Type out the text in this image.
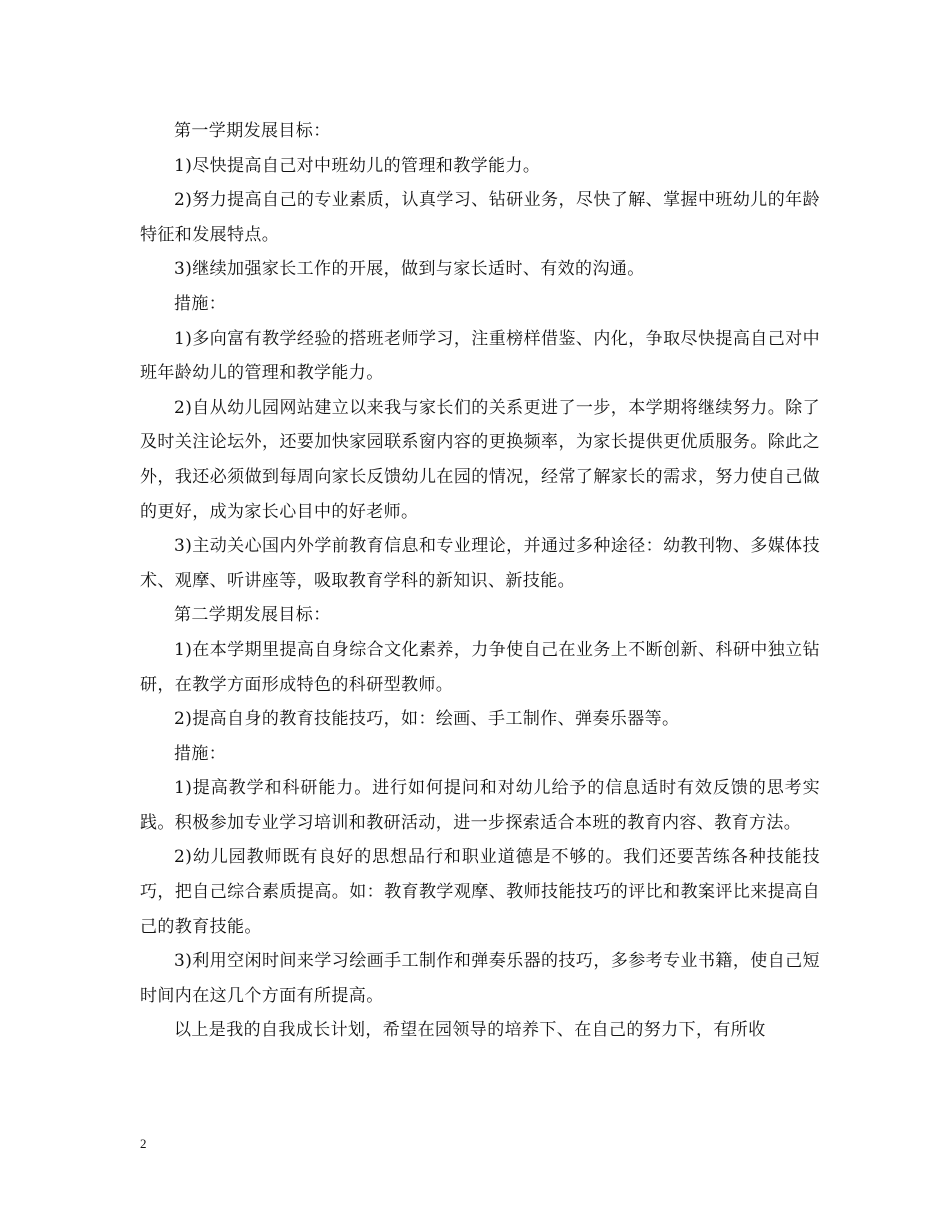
第一学期发展目标：

1)尽快提高自己对中班幼儿的管理和教学能力。

2)努力提高自己的专业素质，认真学习、钻研业务，尽快了解、掌握中班幼儿的年龄特征和发展特点。

3)继续加强家长工作的开展，做到与家长适时、有效的沟通。

措施：

1)多向富有教学经验的搭班老师学习，注重榜样借鉴、内化，争取尽快提高自己对中班年龄幼儿的管理和教学能力。

2)自从幼儿园网站建立以来我与家长们的关系更进了一步，本学期将继续努力。除了及时关注论坛外，还要加快家园联系窗内容的更换频率，为家长提供更优质服务。除此之外，我还必须做到每周向家长反馈幼儿在园的情况，经常了解家长的需求，努力使自己做的更好，成为家长心目中的好老师。

3)主动关心国内外学前教育信息和专业理论，并通过多种途径：幼教刊物、多媒体技术、观摩、听讲座等，吸取教育学科的新知识、新技能。

第二学期发展目标：

1)在本学期里提高自身综合文化素养，力争使自己在业务上不断创新、科研中独立钻研，在教学方面形成特色的科研型教师。

2)提高自身的教育技能技巧，如：绘画、手工制作、弹奏乐器等。

措施：

1)提高教学和科研能力。进行如何提问和对幼儿给予的信息适时有效反馈的思考实践。积极参加专业学习培训和教研活动，进一步探索适合本班的教育内容、教育方法。

2)幼儿园教师既有良好的思想品行和职业道德是不够的。我们还要苦练各种技能技巧，把自己综合素质提高。如：教育教学观摩、教师技能技巧的评比和教案评比来提高自己的教育技能。

3)利用空闲时间来学习绘画手工制作和弹奏乐器的技巧，多参考专业书籍，使自己短时间内在这几个方面有所提高。

以上是我的自我成长计划，希望在园领导的培养下、在自己的努力下，有所收

2
